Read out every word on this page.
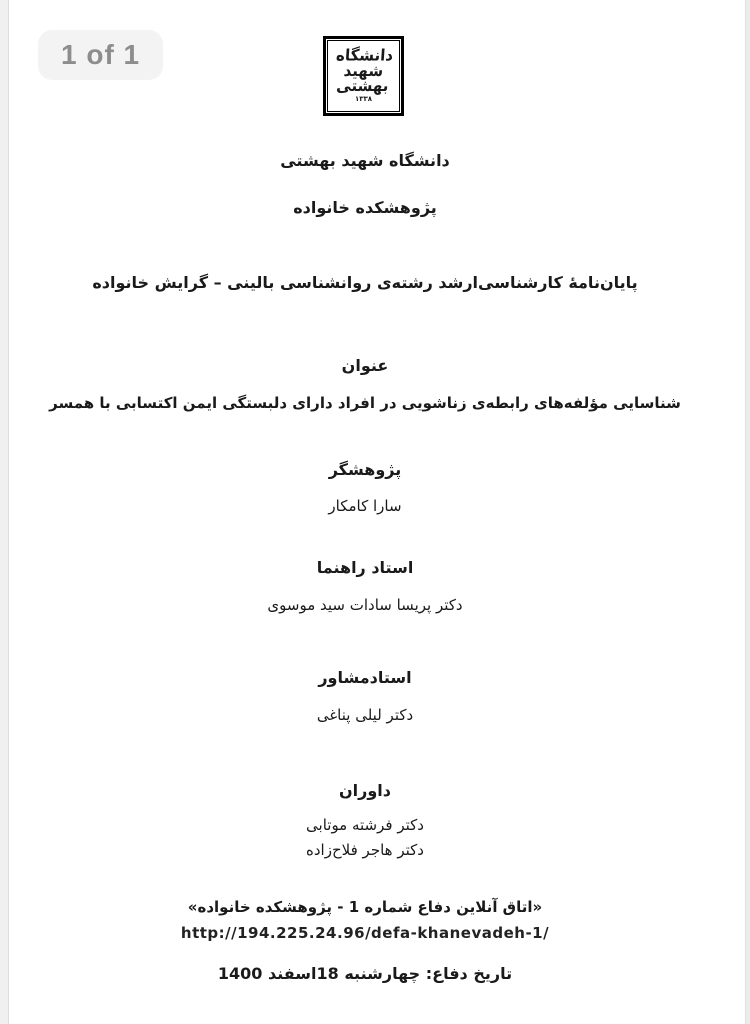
1 of 1	دانشگاه
شهید
بهشتی
۱۳۳۸
دانشگاه شهید بهشتی
پژوهشکده خانواده
پایان‌نامهٔ کارشناسی‌ارشد رشته‌ی روانشناسی بالینی – گرایش خانواده
عنوان
شناسایی مؤلفه‌های رابطه‌ی زناشویی در افراد دارای دلبستگی ایمن اکتسابی با همسر
پژوهشگر
سارا کامکار
استاد راهنما
دکتر پریسا سادات سید موسوی
استادمشاور
دکتر لیلی پناغی
داوران
دکتر فرشته موتابی
دکتر هاجر فلاح‌زاده
«اتاق آنلاین دفاع شماره 1 - پژوهشکده خانواده»
http://194.225.24.96/defa-khanevadeh-1/
تاریخ دفاع: چهارشنبه 18اسفند 1400
